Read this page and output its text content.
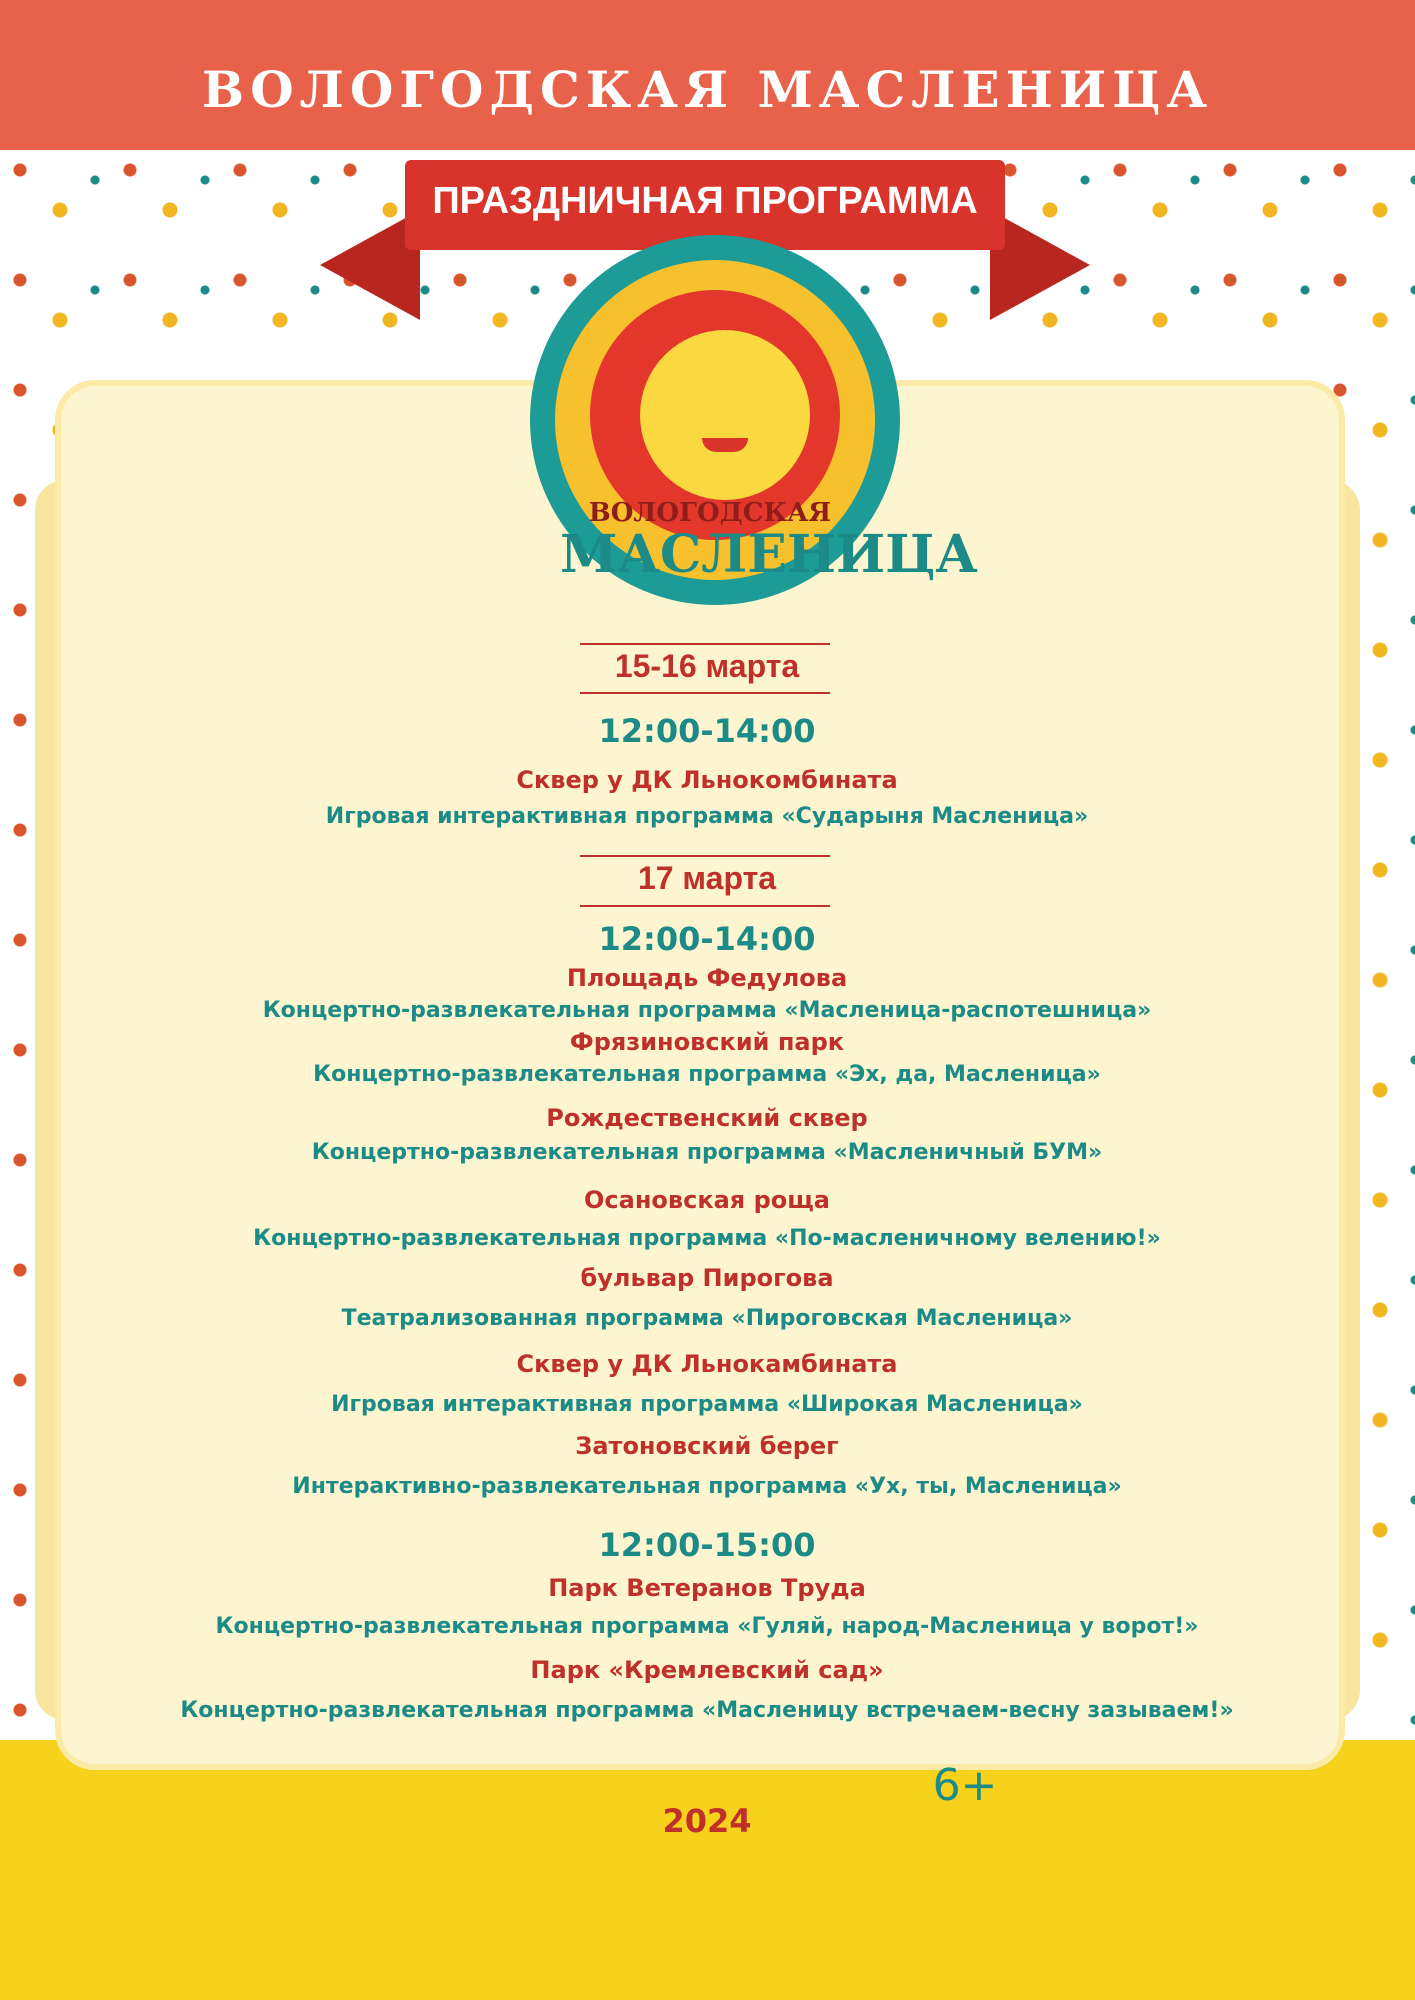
ВОЛОГОДСКАЯ МАСЛЕНИЦА
ПРАЗДНИЧНАЯ ПРОГРАММА
ВОЛОГОДСКАЯ
МАСЛЕНИЦА
15-16 марта
12:00-14:00
Сквер у ДК Льнокомбината
Игровая интерактивная программа «Сударыня Масленица»
17 марта
12:00-14:00
Площадь Федулова
Концертно-развлекательная программа «Масленица-распотешница»
Фрязиновский парк
Концертно-развлекательная программа «Эх, да, Масленица»
Рождественский сквер
Концертно-развлекательная программа «Масленичный БУМ»
Осановская роща
Концертно-развлекательная программа «По-масленичному велению!»
бульвар Пирогова
Театрализованная программа «Пироговская Масленица»
Сквер у ДК Льнокамбината
Игровая интерактивная программа «Широкая Масленица»
Затоновский берег
Интерактивно-развлекательная программа «Ух, ты, Масленица»
12:00-15:00
Парк Ветеранов Труда
Концертно-развлекательная программа «Гуляй, народ-Масленица у ворот!»
Парк «Кремлевский сад»
Концертно-развлекательная программа «Масленицу встречаем-весну зазываем!»
6+
2024
